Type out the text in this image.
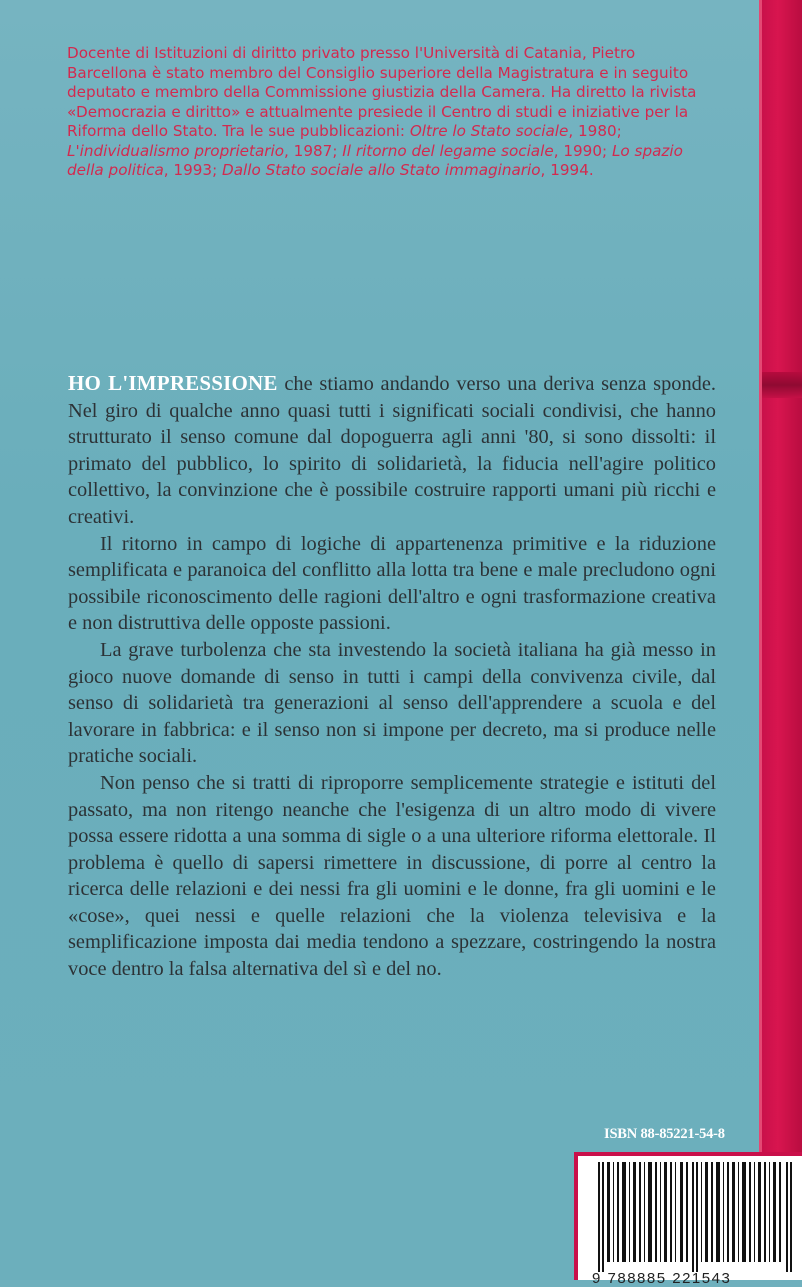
Docente di Istituzioni di diritto privato presso l'Università di Catania, Pietro Barcellona è stato membro del Consiglio superiore della Magistratura e in seguito deputato e membro della Commissione giustizia della Camera. Ha diretto la rivista «Democrazia e diritto» e attualmente presiede il Centro di studi e iniziative per la Riforma dello Stato. Tra le sue pubblicazioni: Oltre lo Stato sociale, 1980; L'individualismo proprietario, 1987; Il ritorno del legame sociale, 1990; Lo spazio della politica, 1993; Dallo Stato sociale allo Stato immaginario, 1994.

HO L'IMPRESSIONE che stiamo andando verso una deriva senza sponde. Nel giro di qualche anno quasi tutti i significati sociali condivisi, che hanno strutturato il senso comune dal dopoguerra agli anni '80, si sono dissolti: il primato del pubblico, lo spirito di solidarietà, la fiducia nell'agire politico collettivo, la convinzione che è possibile costruire rapporti umani più ricchi e creativi.

Il ritorno in campo di logiche di appartenenza primitive e la riduzione semplificata e paranoica del conflitto alla lotta tra bene e male precludono ogni possibile riconoscimento delle ragioni dell'altro e ogni trasformazione creativa e non distruttiva delle opposte passioni.

La grave turbolenza che sta investendo la società italiana ha già messo in gioco nuove domande di senso in tutti i campi della convivenza civile, dal senso di solidarietà tra generazioni al senso dell'apprendere a scuola e del lavorare in fabbrica: e il senso non si impone per decreto, ma si produce nelle pratiche sociali.

Non penso che si tratti di riproporre semplicemente strategie e istituti del passato, ma non ritengo neanche che l'esigenza di un altro modo di vivere possa essere ridotta a una somma di sigle o a una ulteriore riforma elettorale. Il problema è quello di sapersi rimettere in discussione, di porre al centro la ricerca delle relazioni e dei nessi fra gli uomini e le donne, fra gli uomini e le «cose», quei nessi e quelle relazioni che la violenza televisiva e la semplificazione imposta dai media tendono a spezzare, costringendo la nostra voce dentro la falsa alternativa del sì e del no.

ISBN 88-85221-54-8
9 788885 221543
